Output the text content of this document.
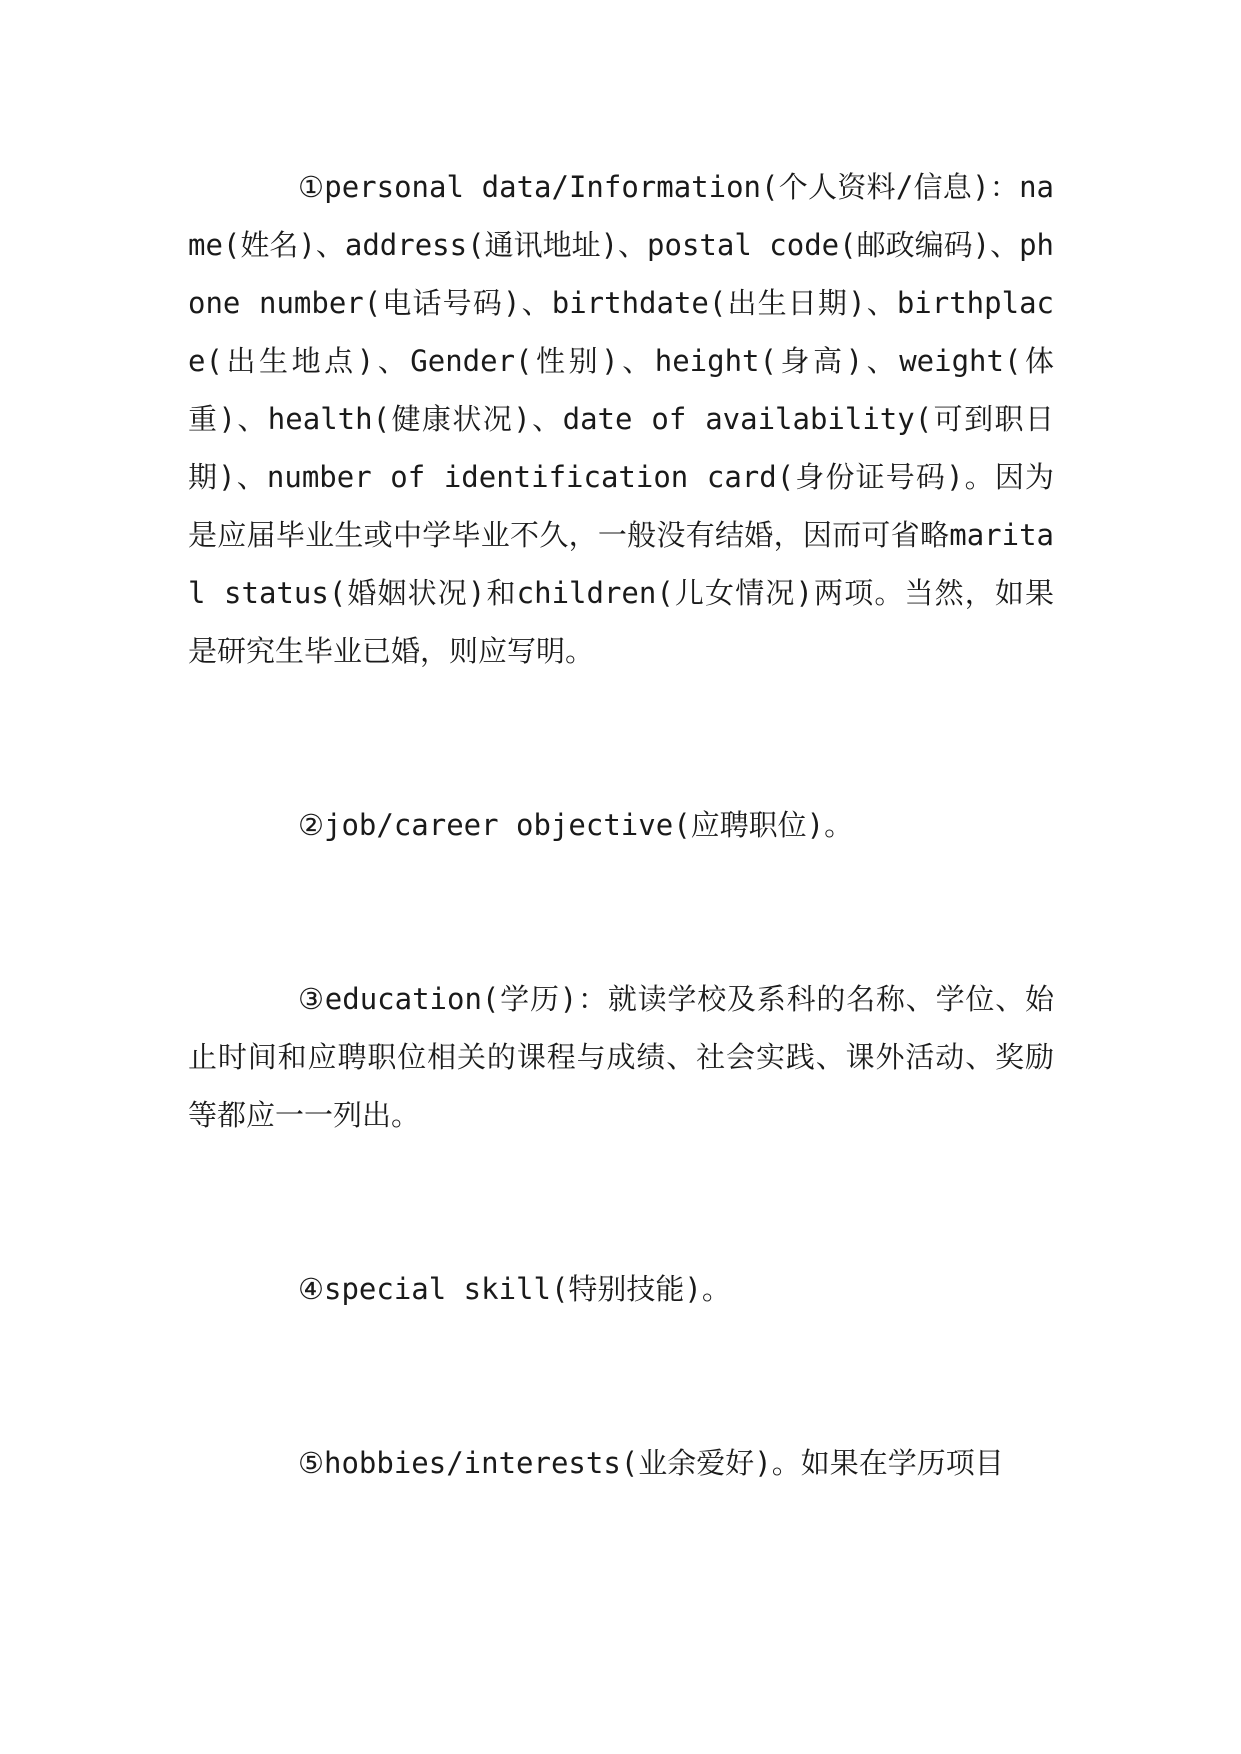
①personal data/Information(个人资料/信息)：name(姓名)、address(通讯地址)、postal code(邮政编码)、phone number(电话号码)、birthdate(出生日期)、birthplace(出生地点)、Gender(性别)、height(身高)、weight(体重)、health(健康状况)、date of availability(可到职日期)、number of identification card(身份证号码)。因为是应届毕业生或中学毕业不久，一般没有结婚，因而可省略marital status(婚姻状况)和children(儿女情况)两项。当然，如果是研究生毕业已婚，则应写明。

②job/career objective(应聘职位)。

③education(学历)：就读学校及系科的名称、学位、始止时间和应聘职位相关的课程与成绩、社会实践、课外活动、奖励等都应一一列出。

④special skill(特别技能)。

⑤hobbies/interests(业余爱好)。如果在学历项目
